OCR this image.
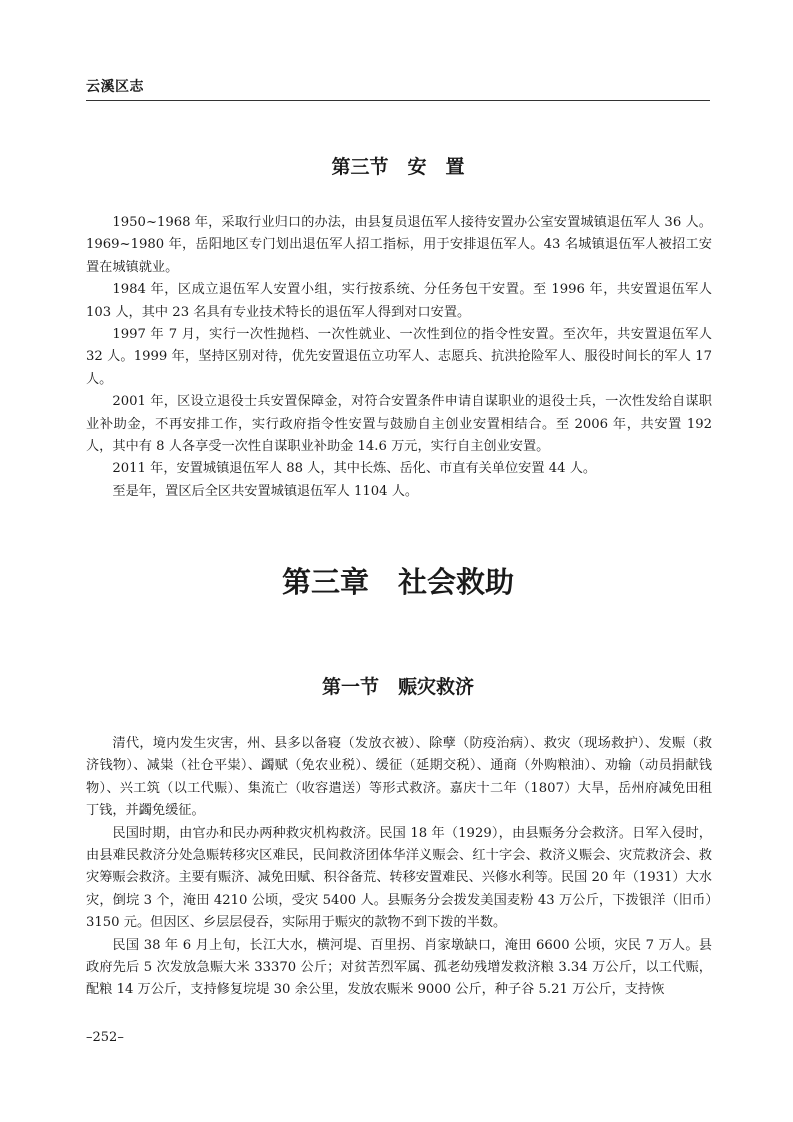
云溪区志
第三节　安　置

1950~1968 年，采取行业归口的办法，由县复员退伍军人接待安置办公室安置城镇退伍军人 36 人。1969~1980 年，岳阳地区专门划出退伍军人招工指标，用于安排退伍军人。43 名城镇退伍军人被招工安置在城镇就业。

1984 年，区成立退伍军人安置小组，实行按系统、分任务包干安置。至 1996 年，共安置退伍军人 103 人，其中 23 名具有专业技术特长的退伍军人得到对口安置。

1997 年 7 月，实行一次性抛档、一次性就业、一次性到位的指令性安置。至次年，共安置退伍军人 32 人。1999 年，坚持区别对待，优先安置退伍立功军人、志愿兵、抗洪抢险军人、服役时间长的军人 17 人。

2001 年，区设立退役士兵安置保障金，对符合安置条件申请自谋职业的退役士兵，一次性发给自谋职业补助金，不再安排工作，实行政府指令性安置与鼓励自主创业安置相结合。至 2006 年，共安置 192 人，其中有 8 人各享受一次性自谋职业补助金 14.6 万元，实行自主创业安置。

2011 年，安置城镇退伍军人 88 人，其中长炼、岳化、市直有关单位安置 44 人。

至是年，置区后全区共安置城镇退伍军人 1104 人。

第三章　社会救助
第一节　赈灾救济

清代，境内发生灾害，州、县多以备寝（发放衣被）、除孽（防疫治病）、救灾（现场救护）、发赈（救济钱物）、减粜（社仓平粜）、蠲赋（免农业税）、缓征（延期交税）、通商（外购粮油）、劝输（动员捐献钱物）、兴工筑（以工代赈）、集流亡（收容遣送）等形式救济。嘉庆十二年（1807）大旱，岳州府减免田租丁钱，并蠲免缓征。

民国时期，由官办和民办两种救灾机构救济。民国 18 年（1929），由县赈务分会救济。日军入侵时，由县难民救济分处急赈转移灾区难民，民间救济团体华洋义赈会、红十字会、救济义赈会、灾荒救济会、救灾筹赈会救济。主要有赈济、减免田赋、积谷备荒、转移安置难民、兴修水利等。民国 20 年（1931）大水灾，倒垸 3 个，淹田 4210 公顷，受灾 5400 人。县赈务分会拨发美国麦粉 43 万公斤，下拨银洋（旧币）3150 元。但因区、乡层层侵吞，实际用于赈灾的款物不到下拨的半数。

民国 38 年 6 月上旬，长江大水，横河堤、百里拐、肖家墩缺口，淹田 6600 公顷，灾民 7 万人。县政府先后 5 次发放急赈大米 33370 公斤；对贫苦烈军属、孤老幼残增发救济粮 3.34 万公斤，以工代赈，配粮 14 万公斤，支持修复垸堤 30 余公里，发放农赈米 9000 公斤，种子谷 5.21 万公斤，支持恢

–252–
